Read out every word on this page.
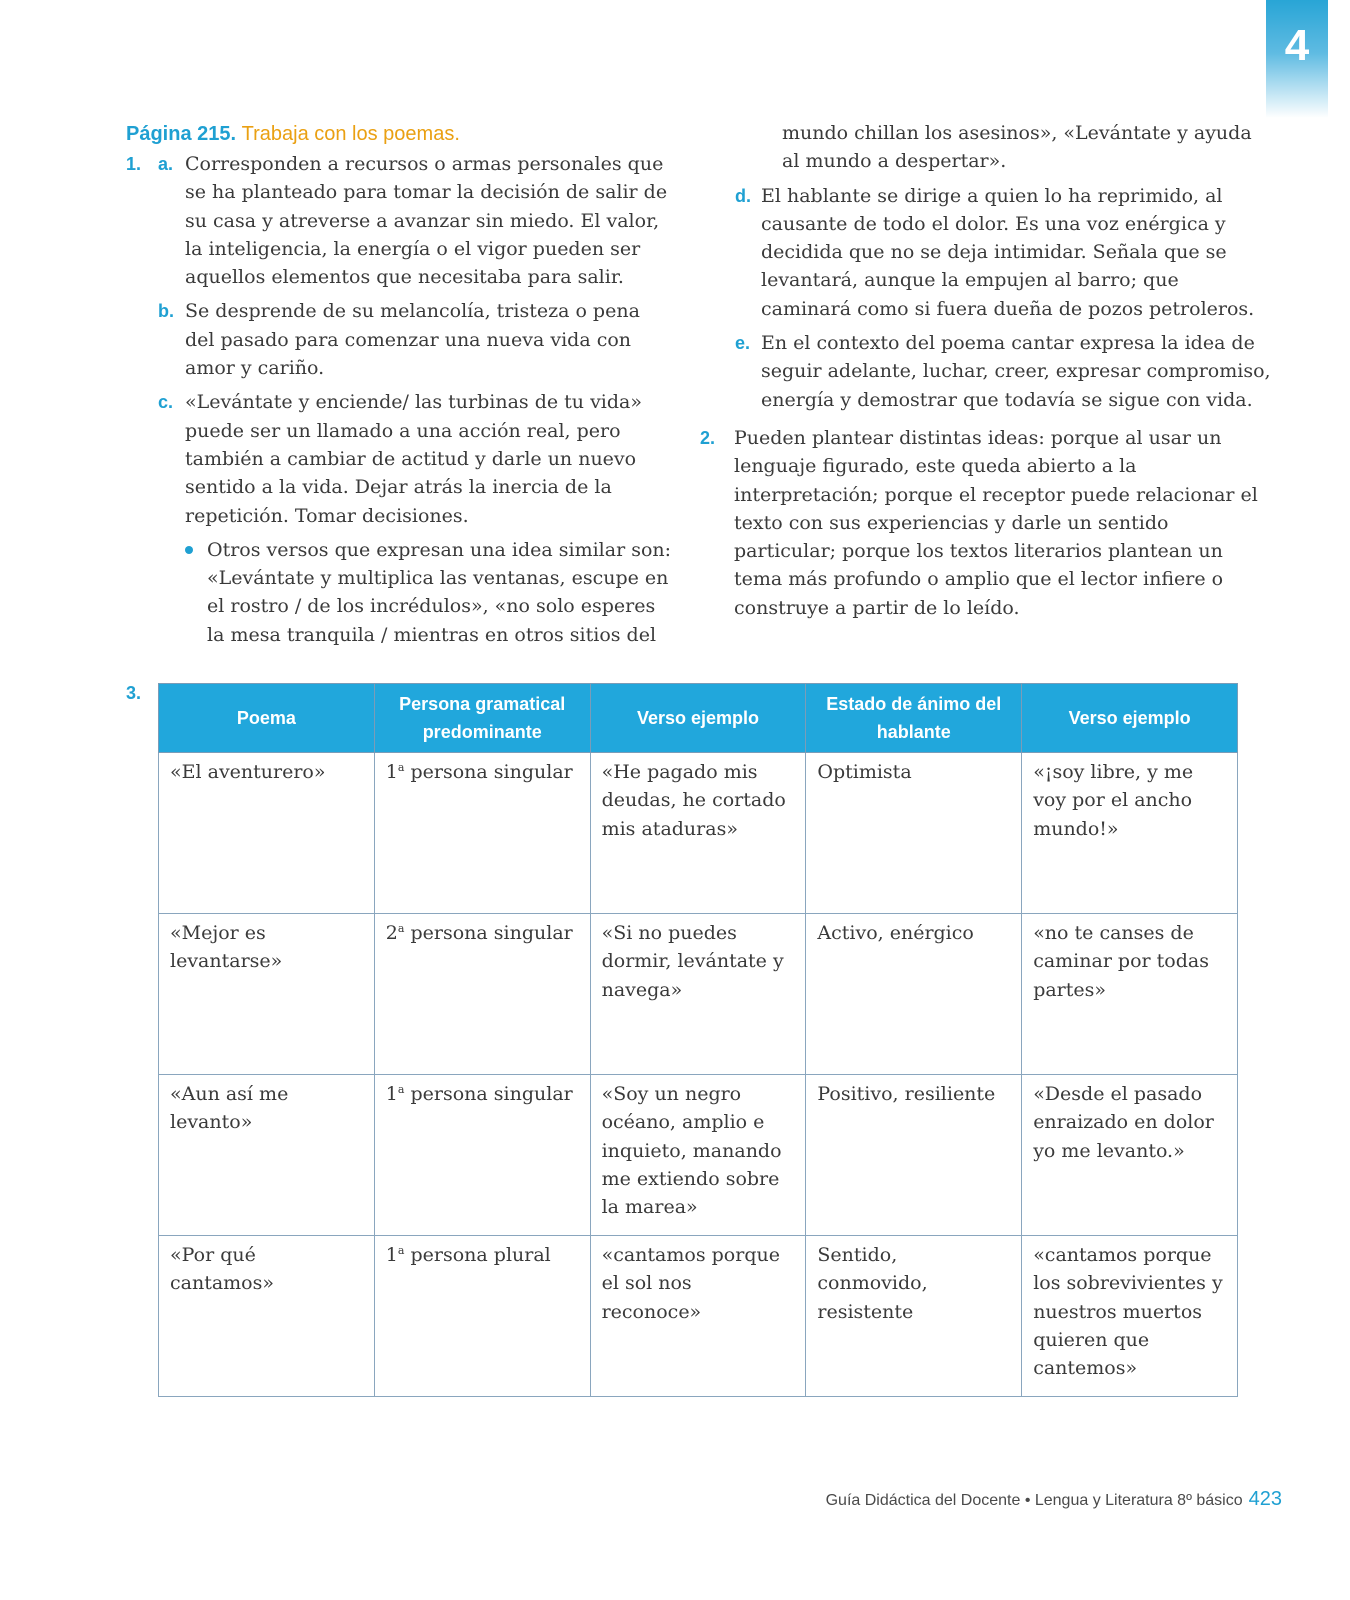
4

Página 215. Trabaja con los poemas.

1. a. Corresponden a recursos o armas personales que se ha planteado para tomar la decisión de salir de su casa y atreverse a avanzar sin miedo. El valor, la inteligencia, la energía o el vigor pueden ser aquellos elementos que necesitaba para salir.
b. Se desprende de su melancolía, tristeza o pena del pasado para comenzar una nueva vida con amor y cariño.
c. «Levántate y enciende/ las turbinas de tu vida» puede ser un llamado a una acción real, pero también a cambiar de actitud y darle un nuevo sentido a la vida. Dejar atrás la inercia de la repetición. Tomar decisiones.
Otros versos que expresan una idea similar son: «Levántate y multiplica las ventanas, escupe en el rostro / de los incrédulos», «no solo esperes la mesa tranquila / mientras en otros sitios del
mundo chillan los asesinos», «Levántate y ayuda al mundo a despertar».
d. El hablante se dirige a quien lo ha reprimido, al causante de todo el dolor. Es una voz enérgica y decidida que no se deja intimidar. Señala que se levantará, aunque la empujen al barro; que caminará como si fuera dueña de pozos petroleros.
e. En el contexto del poema cantar expresa la idea de seguir adelante, luchar, creer, expresar compromiso, energía y demostrar que todavía se sigue con vida.
2. Pueden plantear distintas ideas: porque al usar un lenguaje figurado, este queda abierto a la interpretación; porque el receptor puede relacionar el texto con sus experiencias y darle un sentido particular; porque los textos literarios plantean un tema más profundo o amplio que el lector infiere o construye a partir de lo leído.
3.
Poema	Persona gramatical predominante	Verso ejemplo	Estado de ánimo del hablante	Verso ejemplo
«El aventurero»	1$^a$ persona singular	«He pagado mis deudas, he cortado mis ataduras»	Optimista	«¡soy libre, y me voy por el ancho mundo!»
«Mejor es levantarse»	2$^a$ persona singular	«Si no puedes dormir, levántate y navega»	Activo, enérgico	«no te canses de caminar por todas partes»
«Aun así me levanto»	1$^a$ persona singular	«Soy un negro océano, amplio e inquieto, manando me extiendo sobre la marea»	Positivo, resiliente	«Desde el pasado enraizado en dolor yo me levanto.»
«Por qué cantamos»	1$^a$ persona plural	«cantamos porque el sol nos reconoce»	Sentido, conmovido, resistente	«cantamos porque los sobrevivientes y nuestros muertos quieren que cantemos»
Guía Didáctica del Docente • Lengua y Literatura 8º básico 423
